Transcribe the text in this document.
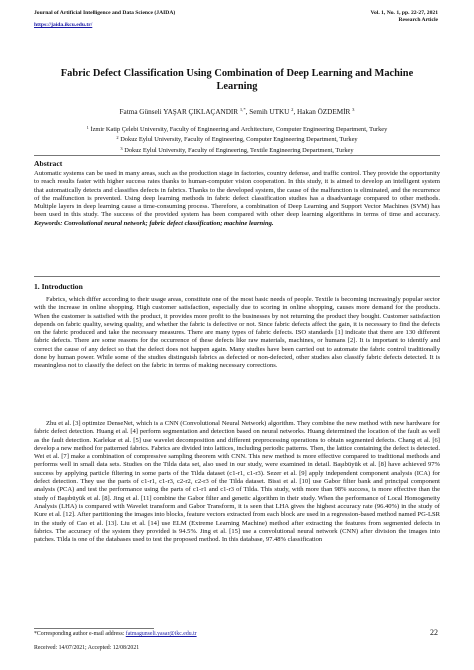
Journal of Artificial Intelligence and Data Science (JAIDA)
https://jaida.ikcu.edu.tr/
Vol. 1, No. 1, pp. 22-27, 2021
Research Article
Fabric Defect Classification Using Combination of Deep Learning and Machine Learning
Fatma Günseli YAŞAR ÇIKLAÇANDIR $^{1,*}$, Semih UTKU $^2$, Hakan ÖZDEMİR $^3$
$^1$ İzmir Katip Çelebi University, Faculty of Engineering and Architecture, Computer Engineering Department, Turkey
$^2$ Dokuz Eylul University, Faculty of Engineering, Computer Engineering Department, Turkey
$^3$ Dokuz Eylul University, Faculty of Engineering, Textile Engineering Department, Turkey
Abstract
Automatic systems can be used in many areas, such as the production stage in factories, country defense, and traffic control. They provide the opportunity to reach results faster with higher success rates thanks to human-computer vision cooperation. In this study, it is aimed to develop an intelligent system that automatically detects and classifies defects in fabrics. Thanks to the developed system, the cause of the malfunction is eliminated, and the recurrence of the malfunction is prevented. Using deep learning methods in fabric defect classification studies has a disadvantage compared to other methods. Multiple layers in deep learning cause a time-consuming process. Therefore, a combination of Deep Learning and Support Vector Machines (SVM) has been used in this study. The success of the provided system has been compared with other deep learning algorithms in terms of time and accuracy. Keywords: Convolutional neural network; fabric defect classification; machine learning.
1. Introduction
Fabrics, which differ according to their usage areas, constitute one of the most basic needs of people. Textile is becoming increasingly popular sector with the increase in online shopping. High customer satisfaction, especially due to scoring in online shopping, causes more demand for the products. When the customer is satisfied with the product, it provides more profit to the businesses by not returning the product they bought. Customer satisfaction depends on fabric quality, sewing quality, and whether the fabric is defective or not. Since fabric defects affect the gain, it is necessary to find the defects on the fabric produced and take the necessary measures. There are many types of fabric defects. ISO standards [1] indicate that there are 130 different fabric defects. There are some reasons for the occurrence of these defects like raw materials, machines, or humans [2]. It is important to identify and correct the cause of any defect so that the defect does not happen again. Many studies have been carried out to automate the fabric control traditionally done by human power. While some of the studies distinguish fabrics as defected or non-defected, other studies also classify fabric defects detected. It is meaningless not to classify the defect on the fabric in terms of making necessary corrections.
Zhu et al. [3] optimize DenseNet, which is a CNN (Convolutional Neural Network) algorithm. They combine the new method with new hardware for fabric defect detection. Huang et al. [4] perform segmentation and detection based on neural networks. Huang determined the location of the fault as well as the fault detection. Karlekar et al. [5] use wavelet decomposition and different preprocessing operations to obtain segmented defects. Chang et al. [6] develop a new method for patterned fabrics. Fabrics are divided into lattices, including periodic patterns. Then, the lattice containing the defect is detected. Wei et al. [7] make a combination of compressive sampling theorem with CNN. This new method is more effective compared to traditional methods and performs well in small data sets. Studies on the Tilda data set, also used in our study, were examined in detail. Başıbüyük et al. [8] have achieved 97% success by applying particle filtering in some parts of the Tilda dataset (c1-r1, c1-r3). Sezer et al. [9] apply independent component analysis (ICA) for defect detection. They use the parts of c1-r1, c1-r3, c2-r2, c2-r3 of the Tilda dataset. Bissi et al. [10] use Gabor filter bank and principal component analysis (PCA) and test the performance using the parts of c1-r1 and c1-r3 of Tilda. This study, with more than 98% success, is more effective than the study of Başıbüyük et al. [8]. Jing et al. [11] combine the Gabor filter and genetic algorithm in their study. When the performance of Local Homogeneity Analysis (LHA) is compared with Wavelet transform and Gabor Transform, it is seen that LHA gives the highest accuracy rate (96.40%) in the study of Kure et al. [12]. After partitioning the images into blocks, feature vectors extracted from each block are used in a regression-based method named PG-LSR in the study of Cao et al. [13]. Liu et al. [14] use ELM (Extreme Learning Machine) method after extracting the features from segmented defects in fabrics. The accuracy of the system they provided is 94.5%. Jing et al. [15] use a convolutional neural network (CNN) after division the images into patches. Tilda is one of the databases used to test the proposed method. In this database, 97.48% classification
*Corresponding author e-mail address: fatmagunseli.yasar@ikc.edu.tr
Received: 14/07/2021; Accepted: 12/08/2021
22
